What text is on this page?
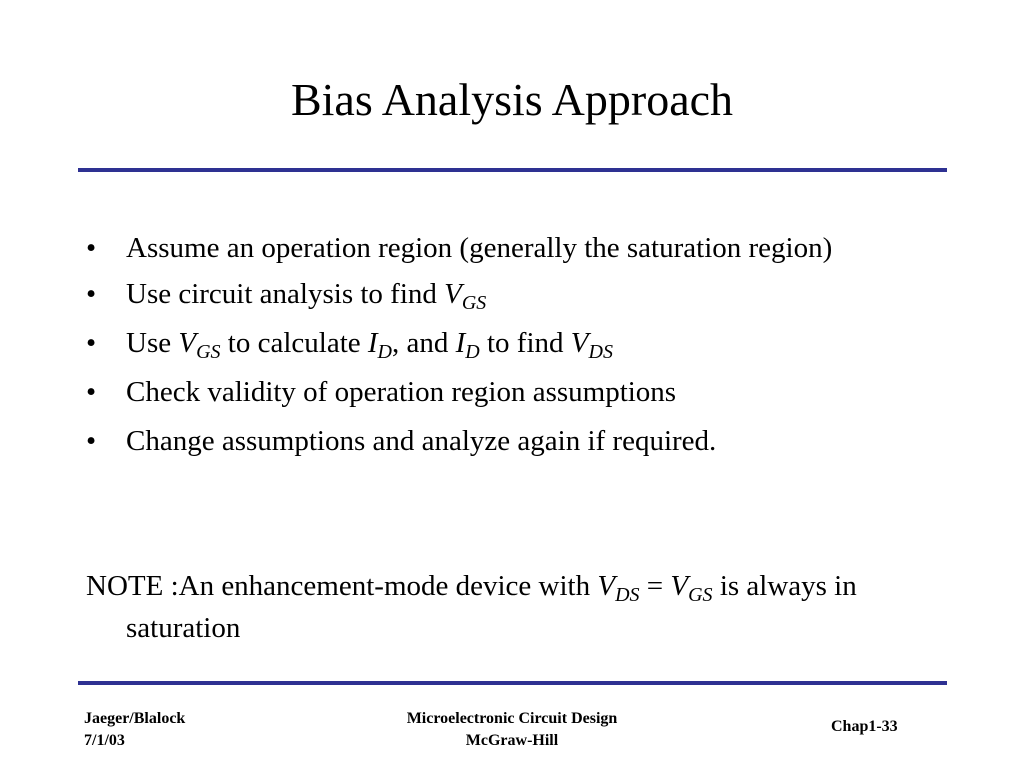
Bias Analysis Approach

• Assume an operation region (generally the saturation region)

• Use circuit analysis to find $V_{GS}$

• Use $V_{GS}$ to calculate $I_D$, and $I_D$ to find $V_{DS}$

• Check validity of operation region assumptions

• Change assumptions and analyze again if required.

NOTE :An enhancement-mode device with $V_{DS} = V_{GS}$ is always in saturation
Jaeger/Blalock
7/1/03
Microelectronic Circuit Design
McGraw-Hill
Chap1-33
